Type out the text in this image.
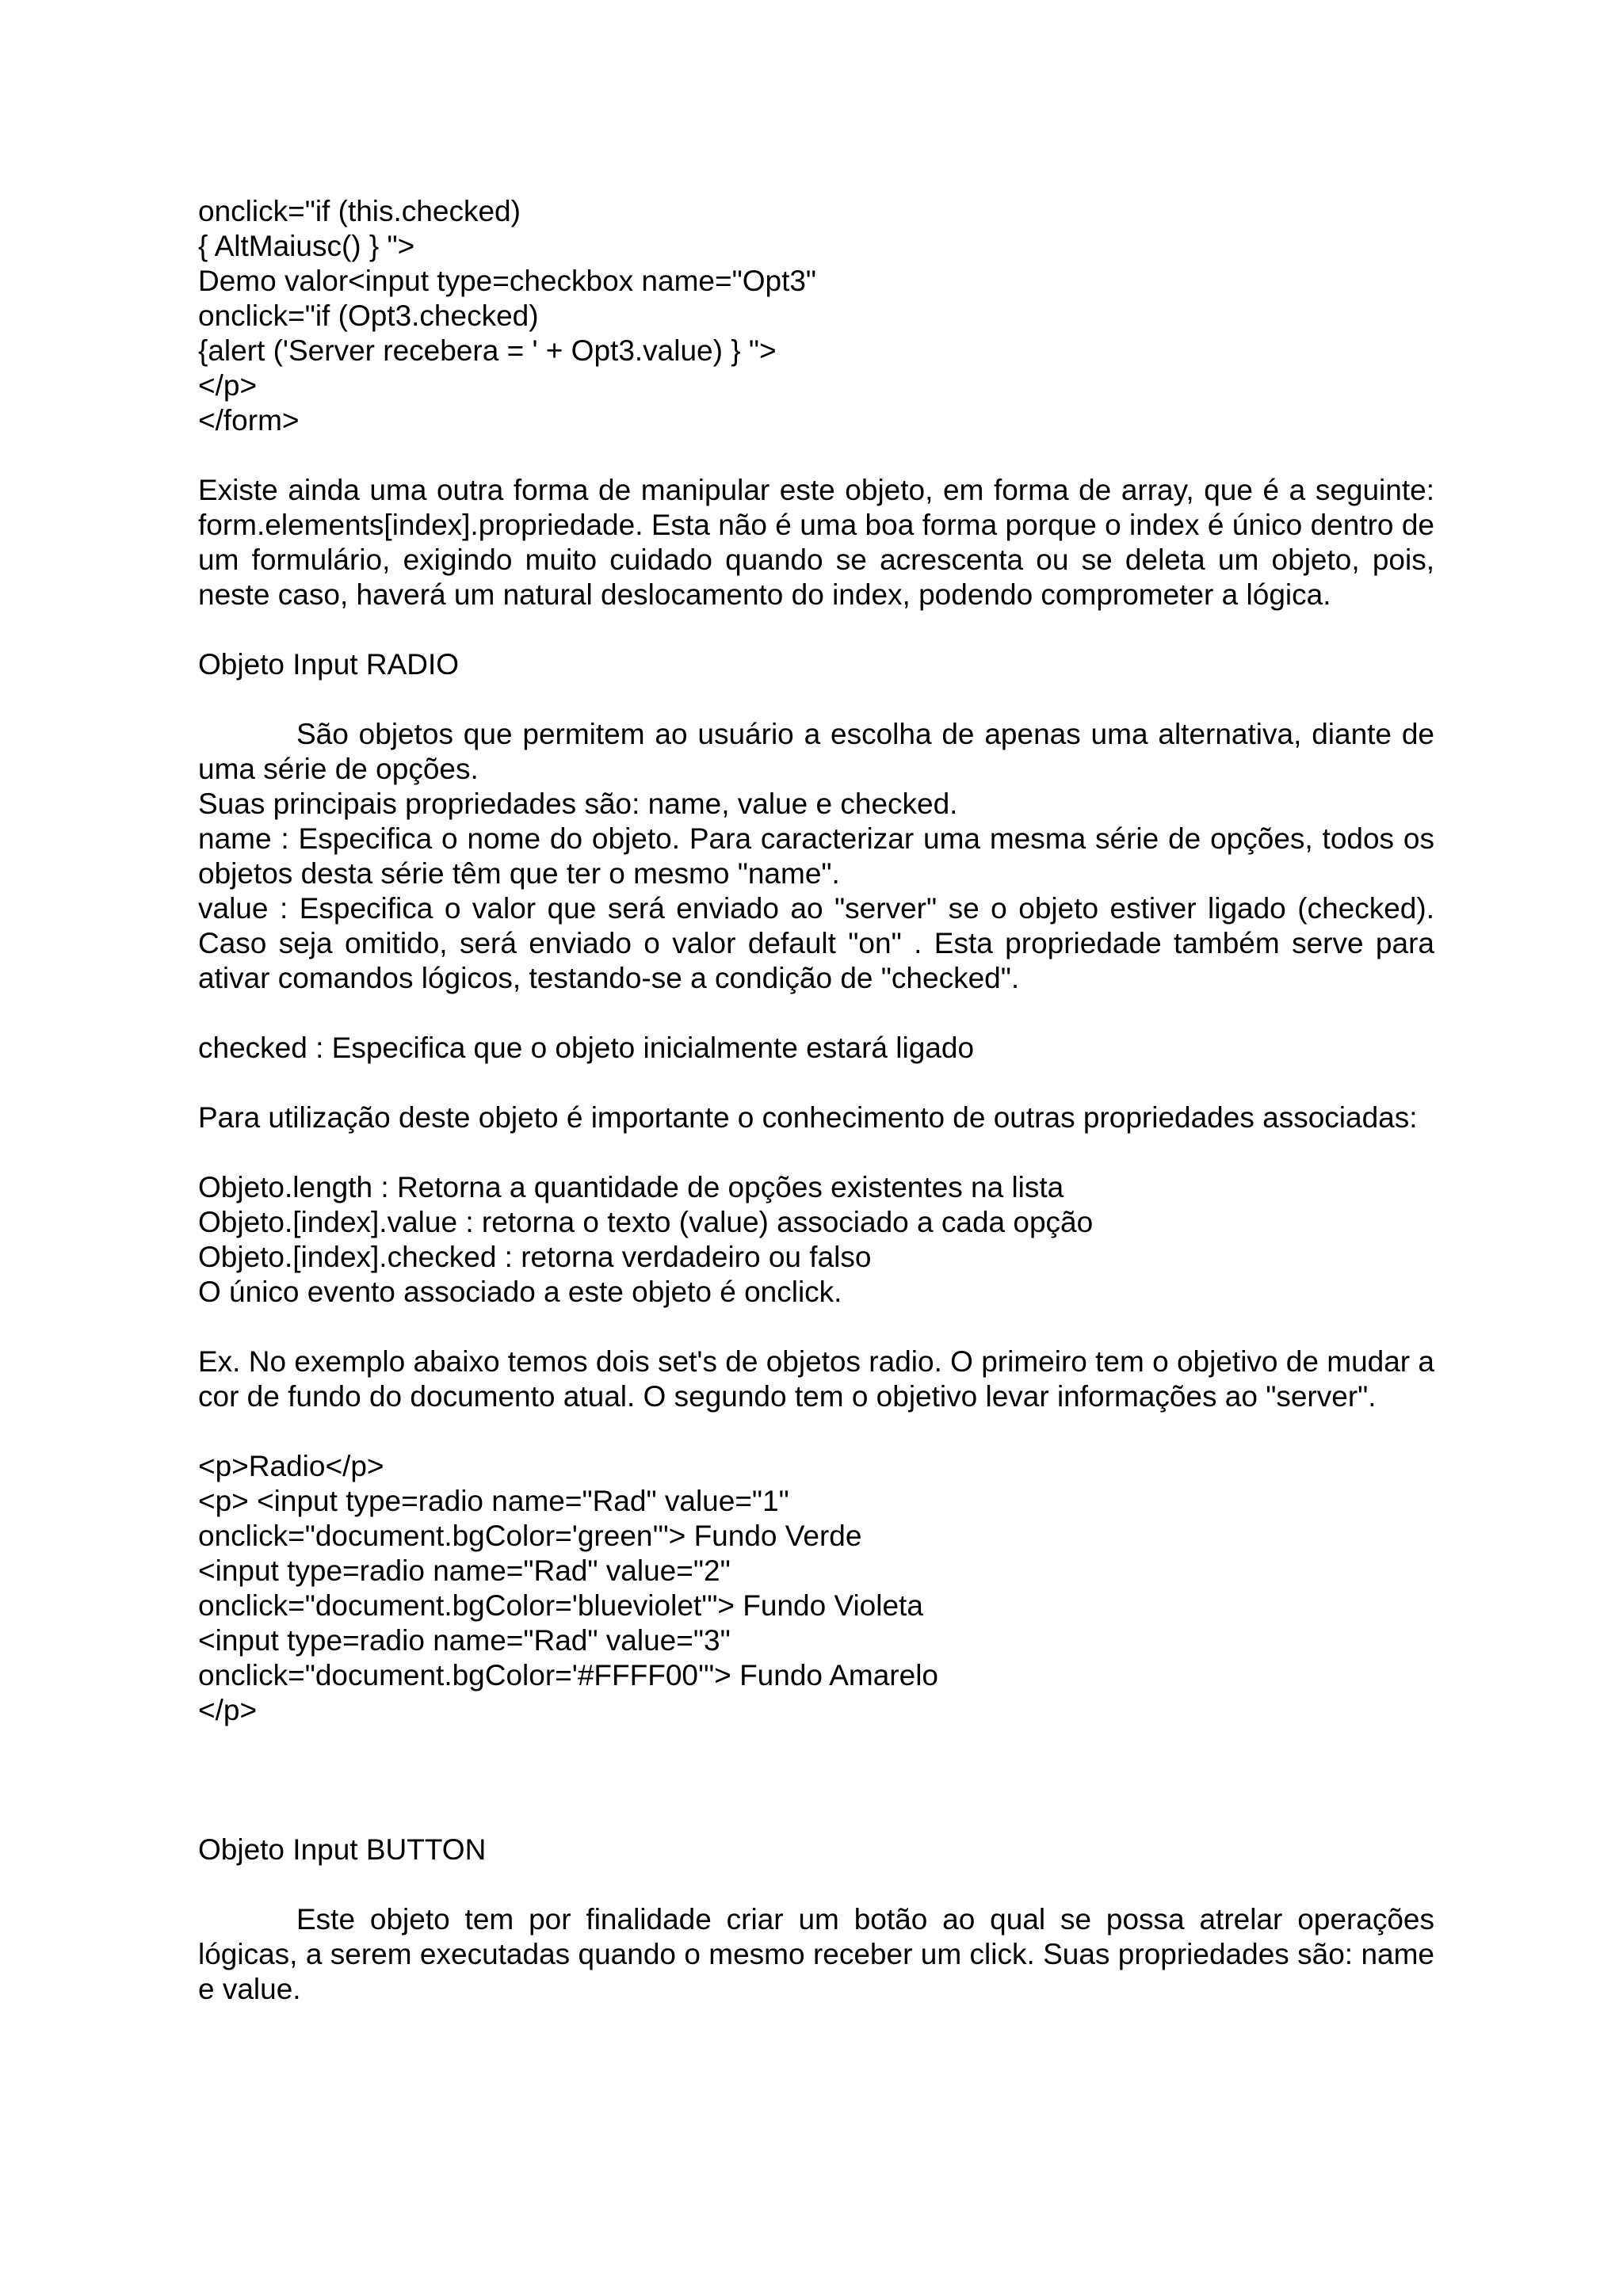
onclick="if (this.checked)

{ AltMaiusc() } ">

Demo valor<input type=checkbox name="Opt3"

onclick="if (Opt3.checked)

{alert ('Server recebera = ' + Opt3.value) } ">

</p>

</form>

Existe ainda uma outra forma de manipular este objeto, em forma de array, que é a seguinte: form.elements[index].propriedade. Esta não é uma boa forma porque o index é único dentro de um formulário, exigindo muito cuidado quando se acrescenta ou se deleta um objeto, pois, neste caso, haverá um natural deslocamento do index, podendo comprometer a lógica.

Objeto Input RADIO

São objetos que permitem ao usuário a escolha de apenas uma alternativa, diante de uma série de opções.

Suas principais propriedades são: name, value e checked.

name : Especifica o nome do objeto. Para caracterizar uma mesma série de opções, todos os objetos desta série têm que ter o mesmo "name".

value : Especifica o valor que será enviado ao "server" se o objeto estiver ligado (checked). Caso seja omitido, será enviado o valor default "on" . Esta propriedade também serve para ativar comandos lógicos, testando-se a condição de "checked".

checked : Especifica que o objeto inicialmente estará ligado

Para utilização deste objeto é importante o conhecimento de outras propriedades associadas:

Objeto.length : Retorna a quantidade de opções existentes na lista

Objeto.[index].value : retorna o texto (value) associado a cada opção

Objeto.[index].checked : retorna verdadeiro ou falso

O único evento associado a este objeto é onclick.

Ex. No exemplo abaixo temos dois set's de objetos radio. O primeiro tem o objetivo de mudar a cor de fundo do documento atual. O segundo tem o objetivo levar informações ao "server".

<p>Radio</p>

<p> <input type=radio name="Rad" value="1"

onclick="document.bgColor='green'"> Fundo Verde

<input type=radio name="Rad" value="2"

onclick="document.bgColor='blueviolet'"> Fundo Violeta

<input type=radio name="Rad" value="3"

onclick="document.bgColor='#FFFF00'"> Fundo Amarelo

</p>

Objeto Input BUTTON

Este objeto tem por finalidade criar um botão ao qual se possa atrelar operações lógicas, a serem executadas quando o mesmo receber um click. Suas propriedades são: name e value.
